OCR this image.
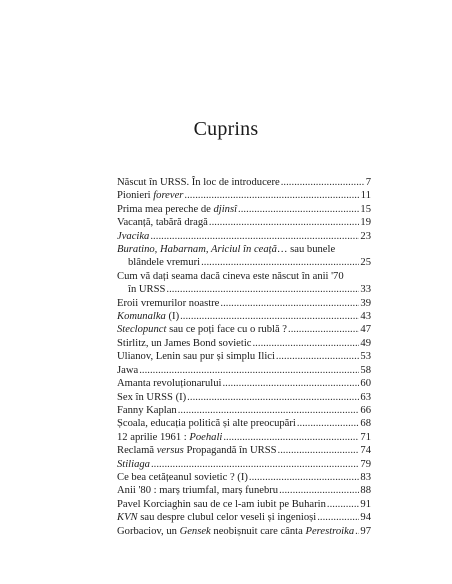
Cuprins
Născut în URSS. În loc de introducere . . .	7
Pionieri forever . . .	11
Prima mea pereche de djinsî . . .	15
Vacanță, tabără dragă . . .	19
Jvacika . . .	23
Buratino, Habarnam, Ariciul în ceață… sau bunele
blândele vremuri . . .	25
Cum vă dați seama dacă cineva este născut în anii '70
în URSS . . .	33
Eroii vremurilor noastre . . .	39
Komunalka (I) . . .	43
Steclopunct sau ce poți face cu o rublă ? . . .	47
Stirlitz, un James Bond sovietic . . .	49
Ulianov, Lenin sau pur și simplu Ilici . . .	53
Jawa . . .	58
Amanta revoluționarului . . .	60
Sex în URSS (I) . . .	63
Fanny Kaplan . . .	66
Școala, educația politică și alte preocupări . . .	68
12 aprilie 1961 : Poehali . . .	71
Reclamă versus Propagandă în URSS . . .	74
Stiliaga . . .	79
Ce bea cetățeanul sovietic ? (I) . . .	83
Anii '80 : marș triumfal, marș funebru . . .	88
Pavel Korciaghin sau de ce l-am iubit pe Buharin . . .	91
KVN sau despre clubul celor veseli și ingenioși . . .	94
Gorbaciov, un Gensek neobișnuit care cânta Perestroika . . . 97
